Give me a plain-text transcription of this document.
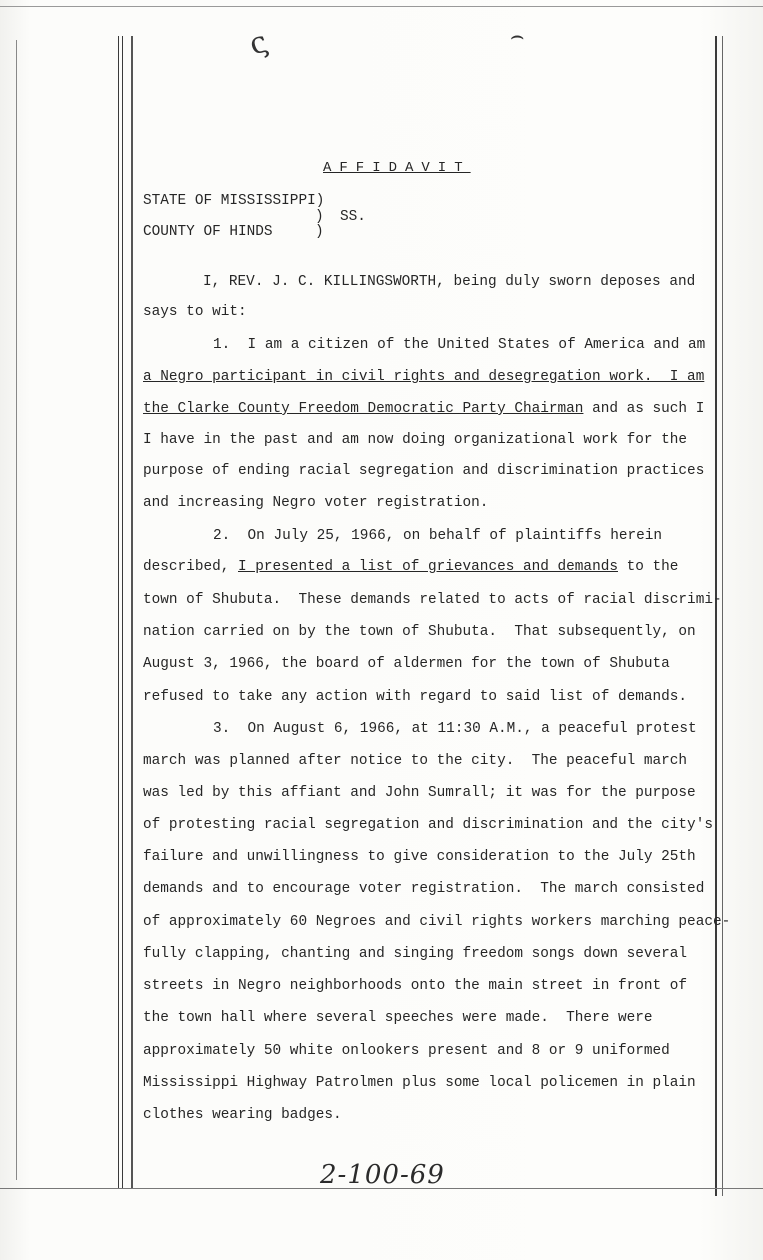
ς	⌢
AFFIDAVIT
STATE OF MISSISSIPPI)
) SS.
COUNTY OF HINDS	)
I, REV. J. C. KILLINGSWORTH, being duly sworn deposes and
says to wit:
1.  I am a citizen of the United States of America and am
a Negro participant in civil rights and desegregation work.  I am
the Clarke County Freedom Democratic Party Chairman and as such I
I have in the past and am now doing organizational work for the
purpose of ending racial segregation and discrimination practices
and increasing Negro voter registration.
2.  On July 25, 1966, on behalf of plaintiffs herein
described, I presented a list of grievances and demands to the
town of Shubuta.  These demands related to acts of racial discrimi-
nation carried on by the town of Shubuta.  That subsequently, on
August 3, 1966, the board of aldermen for the town of Shubuta
refused to take any action with regard to said list of demands.
3.  On August 6, 1966, at 11:30 A.M., a peaceful protest
march was planned after notice to the city.  The peaceful march
was led by this affiant and John Sumrall; it was for the purpose
of protesting racial segregation and discrimination and the city's
failure and unwillingness to give consideration to the July 25th
demands and to encourage voter registration.  The march consisted
of approximately 60 Negroes and civil rights workers marching peace-
fully clapping, chanting and singing freedom songs down several
streets in Negro neighborhoods onto the main street in front of
the town hall where several speeches were made.  There were
approximately 50 white onlookers present and 8 or 9 uniformed
Mississippi Highway Patrolmen plus some local policemen in plain
clothes wearing badges.
2-100-69
